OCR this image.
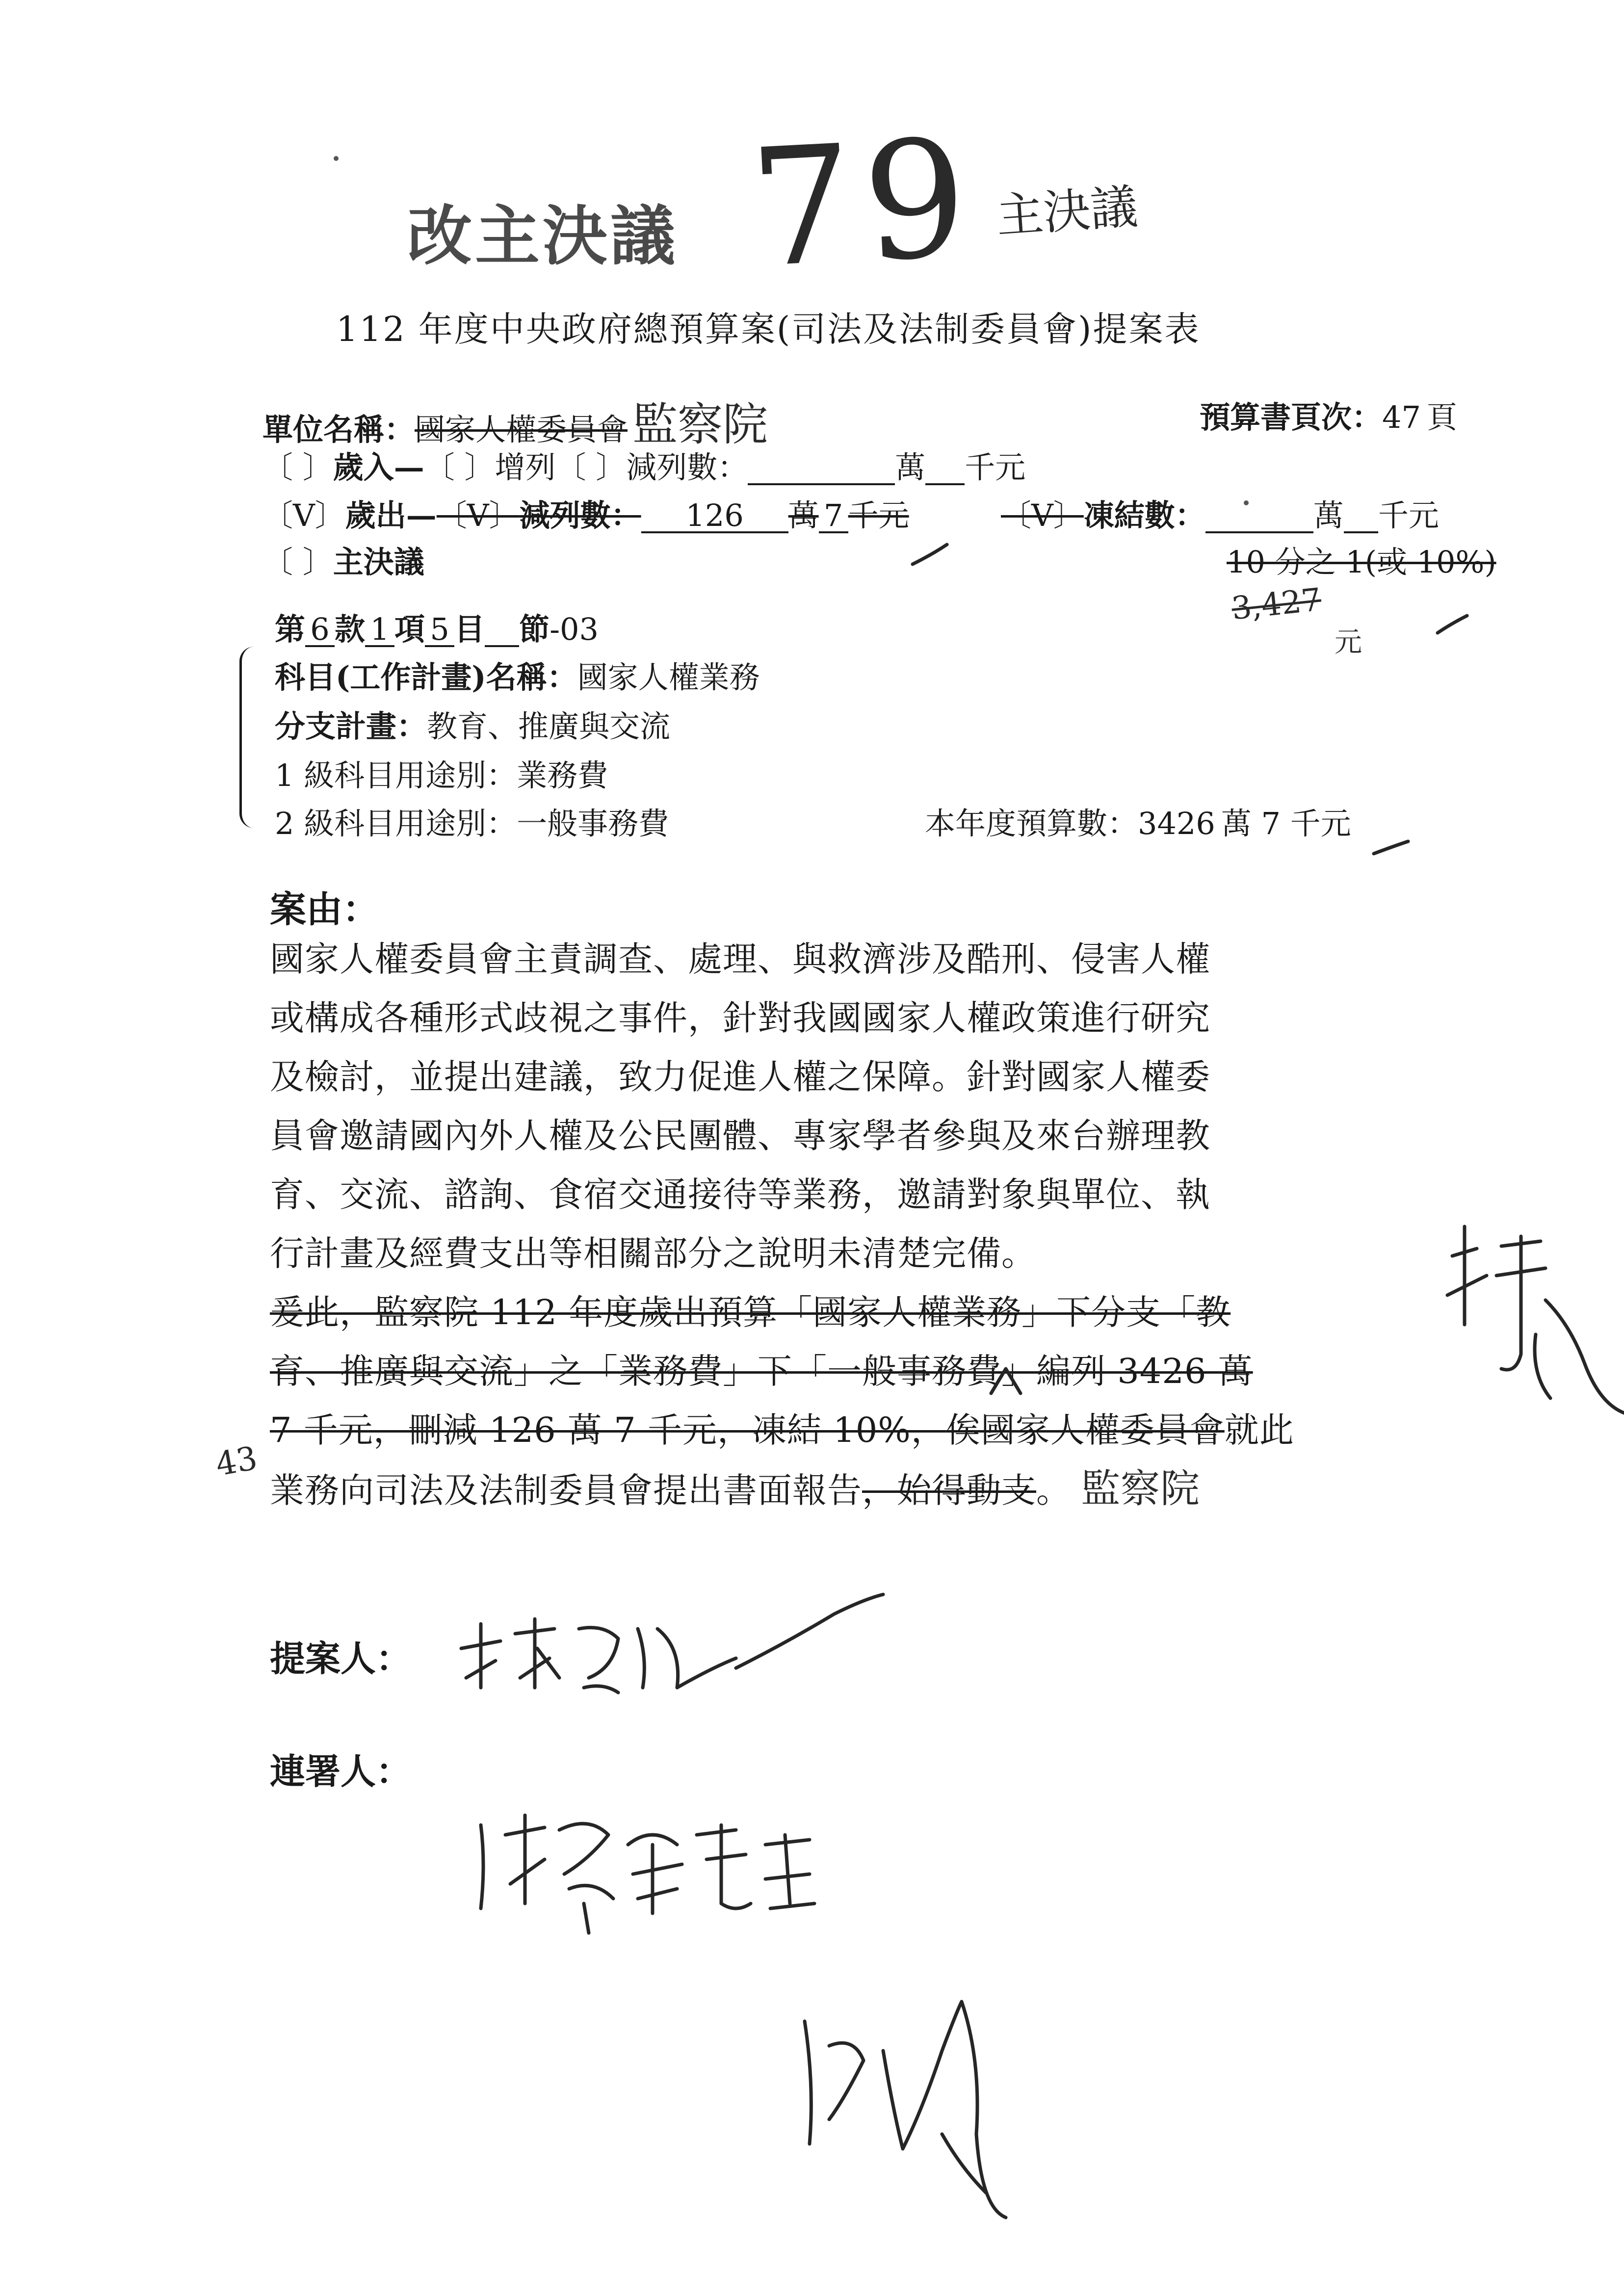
改主決議 79 主決議
112 年度中央政府總預算案(司法及法制委員會)提案表
單位名稱：國家人權委員會 監察院	預算書頁次：47 頁
〔 〕歲入—〔 〕增列〔 〕減列數：	萬 千元
〔V〕歲出—〔V〕減列數： 126 萬 7 千元	〔V〕凍結數：	萬 千元
〔 〕主決議	10 分之 1(或 10%)
3,427
元
第 6 款 1 項 5 目 節-03
科目(工作計畫)名稱：國家人權業務
分支計畫：教育、推廣與交流
1 級科目用途別：業務費
2 級科目用途別：一般事務費	本年度預算數：3426 萬 7 千元
案由：
國家人權委員會主責調查、處理、與救濟涉及酷刑、侵害人權
或構成各種形式歧視之事件，針對我國國家人權政策進行研究
及檢討，並提出建議，致力促進人權之保障。針對國家人權委
員會邀請國內外人權及公民團體、專家學者參與及來台辦理教
育、交流、諮詢、食宿交通接待等業務，邀請對象與單位、執
行計畫及經費支出等相關部分之說明未清楚完備。
爰此，監察院 112 年度歲出預算「國家人權業務」下分支「教
育、推廣與交流」之「業務費」下「一般事務費」編列 3426 萬
7 千元，刪減 126 萬 7 千元，凍結 10%，俟國家人權委員會就此
業務向司法及法制委員會提出書面報告，始得動支。 監察院
43
提案人：
連署人：
